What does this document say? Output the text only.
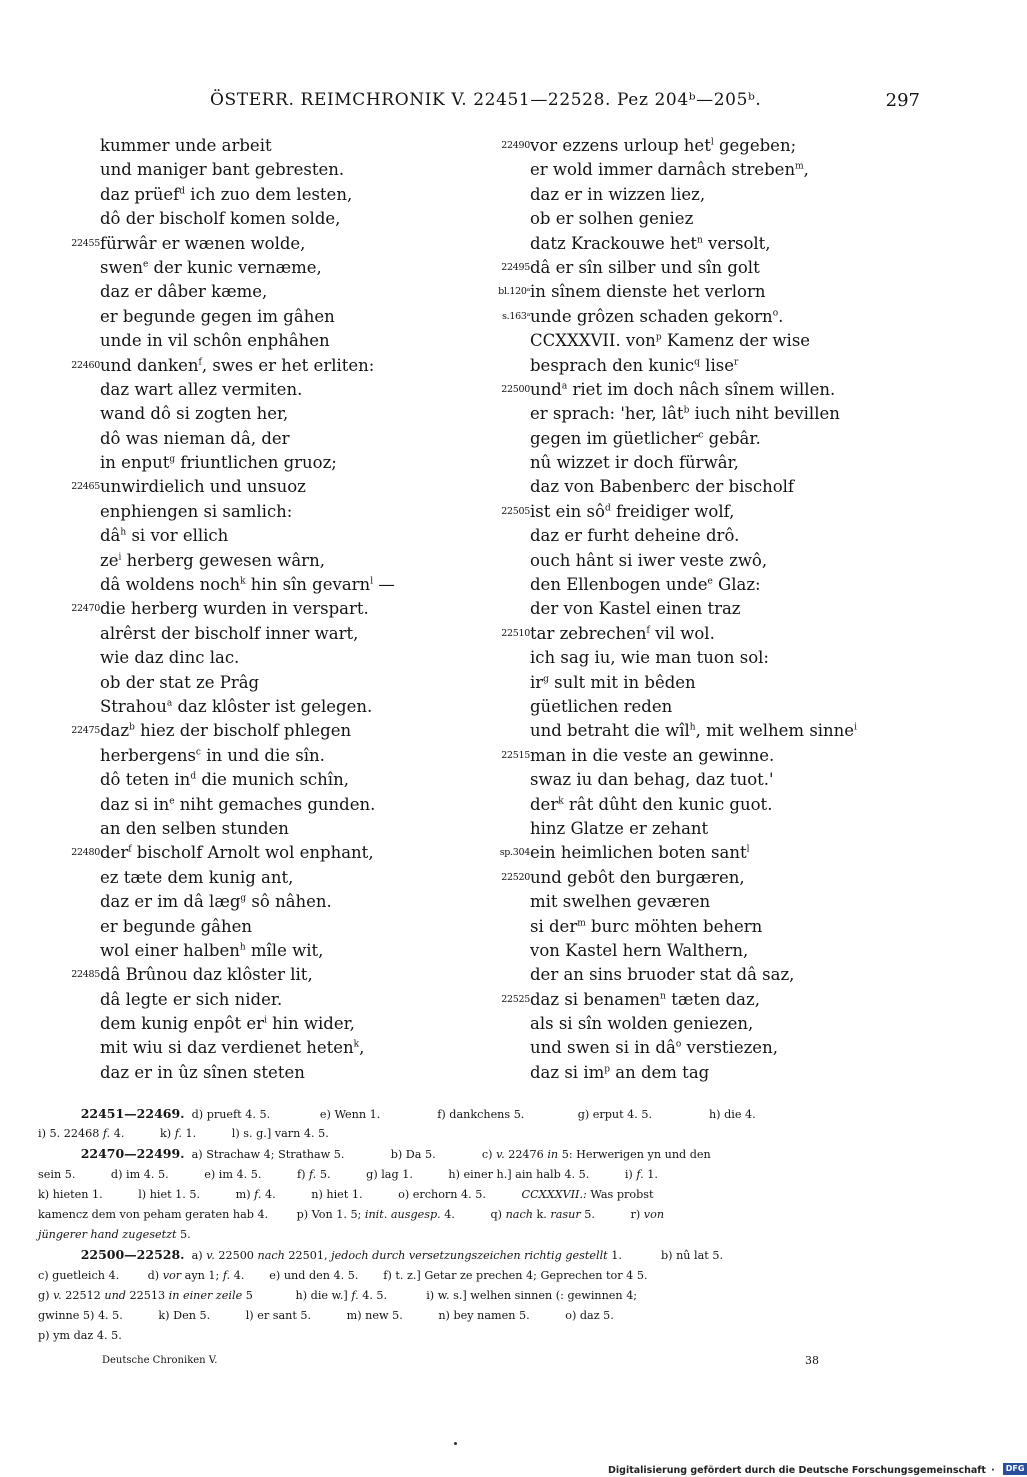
ÖSTERR. REIMCHRONIK V. 22451—22528. Pez 204ᵇ—205ᵇ.	297
kummer unde arbeit
und maniger bant gebresten.
daz prüef$^d$ ich zuo dem lesten,
dô der bischolf komen solde,
22455 fürwâr er wænen wolde,
swen$^e$ der kunic vernæme,
daz er dâber kæme,
er begunde gegen im gâhen
unde in vil schôn enphâhen
22460 und danken$^f$, swes er het erliten:
daz wart allez vermiten.
wand dô si zogten her,
dô was nieman dâ, der
in enput$^g$ friuntlichen gruoz;
22465 unwirdielich und unsuoz
enphiengen si samlich:
$dâ^h$ si vor ellich
$ze^i$ herberg gewesen wârn,
dâ woldens noch$^k$ hin sîn gevarn$^l$ —
22470 die herberg wurden in verspart.
alrêrst der bischolf inner wart,
wie daz dinc lac.
ob der stat ze Prâg
Strahou$^a$ daz klôster ist gelegen.
22475 daz$^b$ hiez der bischolf phlegen
herbergens$^c$ in und die sîn.
dô teten $in^d$ die munich schîn,
daz si $in^e$ niht gemaches gunden.
an den selben stunden
22480 der$^f$ bischolf Arnolt wol enphant,
ez tæte dem kunig ant,
daz er im dâ læg$^g$ sô nâhen.
er begunde gâhen
wol einer halben$^h$ mîle wit,
22485 dâ Brûnou daz klôster lit,
dâ legte er sich nider.
dem kunig enpôt $er^i$ hin wider,
mit wiu si daz verdienet heten$^k$,
daz er in ûz sînen steten
22490 vor ezzens urloup het$^l$ gegeben;
er wold immer darnâch streben$^m$,
daz er in wizzen liez,
ob er solhen geniez
datz Krackouwe het$^n$ versolt,
22495 dâ er sîn silber und sîn golt
bl.120ᵃ in sînem dienste het verlorn
s.163ᵃ unde grôzen schaden gekorn$^o$.
CCXXXVII. von$^p$ Kamenz der wise
besprach den kunic$^q$ lise$^r$
22500 und$^a$ riet im doch nâch sînem willen.
er sprach: 'her, lât$^b$ iuch niht bevillen
gegen im güetlicher$^c$ gebâr.
nû wizzet ir doch fürwâr,
daz von Babenberc der bischolf
22505 ist ein $sô^d$ freidiger wolf,
daz er furht deheine drô.
ouch hânt si iwer veste zwô,
den Ellenbogen unde$^e$ Glaz:
der von Kastel einen traz
22510 tar zebrechen$^f$ vil wol.
ich sag iu, wie man tuon sol:
$ir^g$ sult mit in bêden
güetlichen reden
und betraht die wîl$^h$, mit welhem sinne$^i$
22515 man in die veste an gewinne.
swaz iu dan behag, daz tuot.'
der$^k$ rât dûht den kunic guot.
hinz Glatze er zehant
sp.304 ein heimlichen boten sant$^l$
22520 und gebôt den burgæren,
mit swelhen geværen
si der$^m$ burc möhten behern
von Kastel hern Walthern,
der an sins bruoder stat dâ saz,
22525 daz si benamen$^n$ tæten daz,
als si sîn wolden geniezen,
und swen si in $dâ^o$ verstiezen,
daz si $im^p$ an dem tag
22451—22469.  d) prueft 4. 5.              e) Wenn 1.                f) dankchens 5.               g) erput 4. 5.                h) die 4.
i) 5. 22468 f. 4.          k) f. 1.          l) s. g.] varn 4. 5.
22470—22499.  a) Strachaw 4; Strathaw 5.             b) Da 5.             c) v. 22476 in 5: Herwerigen yn und den
sein 5.          d) im 4. 5.          e) im 4. 5.          f) f. 5.          g) lag 1.          h) einer h.] ain halb 4. 5.          i) f. 1.
k) hieten 1.          l) hiet 1. 5.          m) f. 4.          n) hiet 1.          o) erchorn 4. 5.          CCXXXVII.: Was probst
kamencz dem von peham geraten hab 4.        p) Von 1. 5; init. ausgesp. 4.          q) nach k. rasur 5.          r) von
jüngerer hand zugesetzt 5.
22500—22528.  a) v. 22500 nach 22501, jedoch durch versetzungszeichen richtig gestellt 1.           b) nû lat 5.
c) guetleich 4.        d) vor ayn 1; f. 4.       e) und den 4. 5.       f) t. z.] Getar ze prechen 4; Geprechen tor 4 5.
g) v. 22512 und 22513 in einer zeile 5            h) die w.] f. 4. 5.           i) w. s.] welhen sinnen (: gewinnen 4;
gwinne 5) 4. 5.          k) Den 5.          l) er sant 5.          m) new 5.          n) bey namen 5.          o) daz 5.
p) ym daz 4. 5.
Deutsche Chroniken V.	38
Digitalisierung gefördert durch die Deutsche Forschungsgemeinschaft · DFG
